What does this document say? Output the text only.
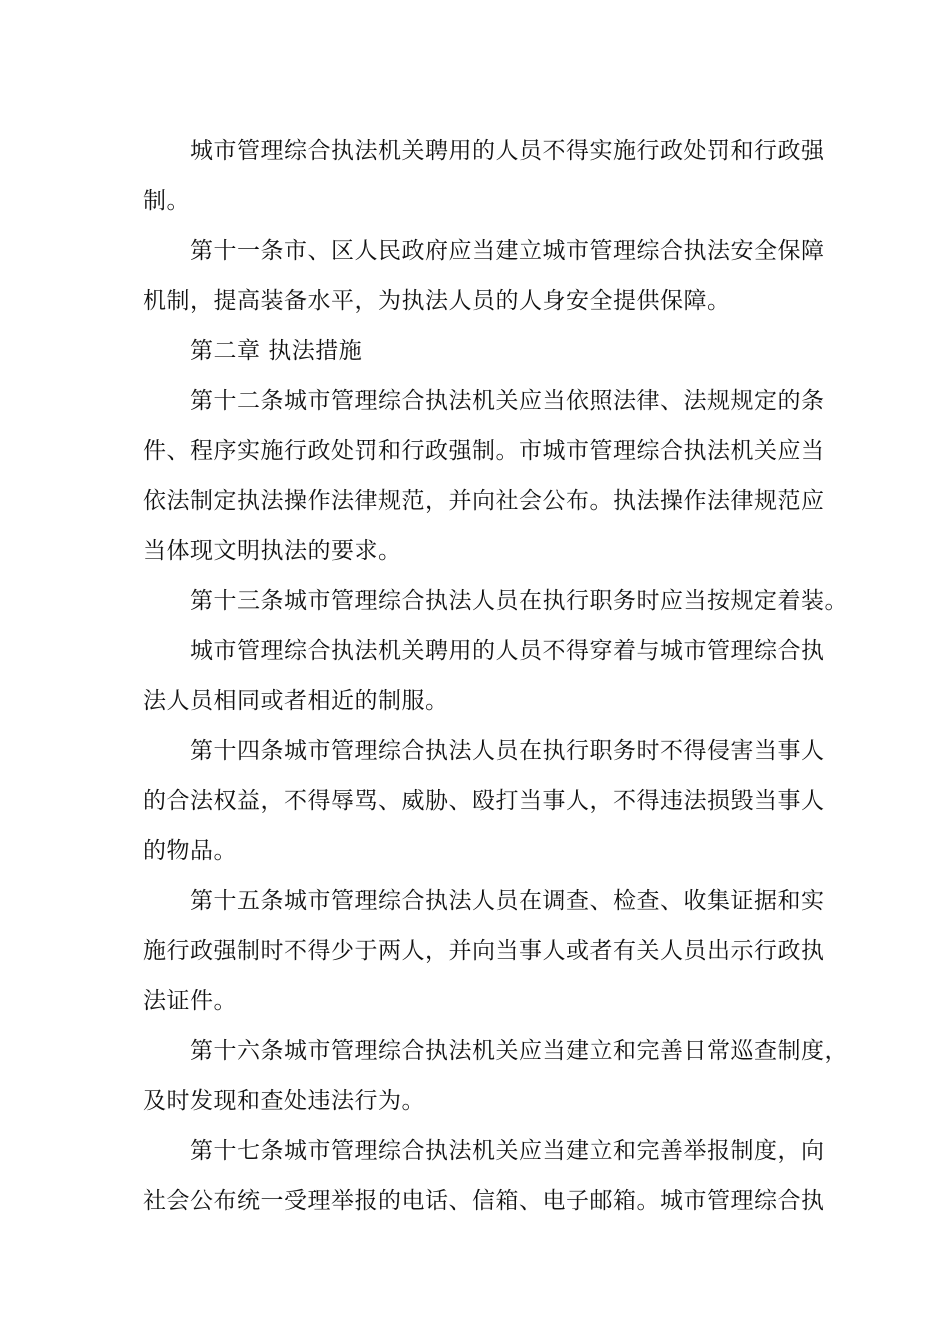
城市管理综合执法机关聘用的人员不得实施行政处罚和行政强
制。
第十一条市、区人民政府应当建立城市管理综合执法安全保障
机制，提高装备水平，为执法人员的人身安全提供保障。
第二章 执法措施
第十二条城市管理综合执法机关应当依照法律、法规规定的条
件、程序实施行政处罚和行政强制。市城市管理综合执法机关应当
依法制定执法操作法律规范，并向社会公布。执法操作法律规范应
当体现文明执法的要求。
第十三条城市管理综合执法人员在执行职务时应当按规定着装。
城市管理综合执法机关聘用的人员不得穿着与城市管理综合执
法人员相同或者相近的制服。
第十四条城市管理综合执法人员在执行职务时不得侵害当事人
的合法权益，不得辱骂、威胁、殴打当事人，不得违法损毁当事人
的物品。
第十五条城市管理综合执法人员在调查、检查、收集证据和实
施行政强制时不得少于两人，并向当事人或者有关人员出示行政执
法证件。
第十六条城市管理综合执法机关应当建立和完善日常巡查制度，
及时发现和查处违法行为。
第十七条城市管理综合执法机关应当建立和完善举报制度，向
社会公布统一受理举报的电话、信箱、电子邮箱。城市管理综合执
